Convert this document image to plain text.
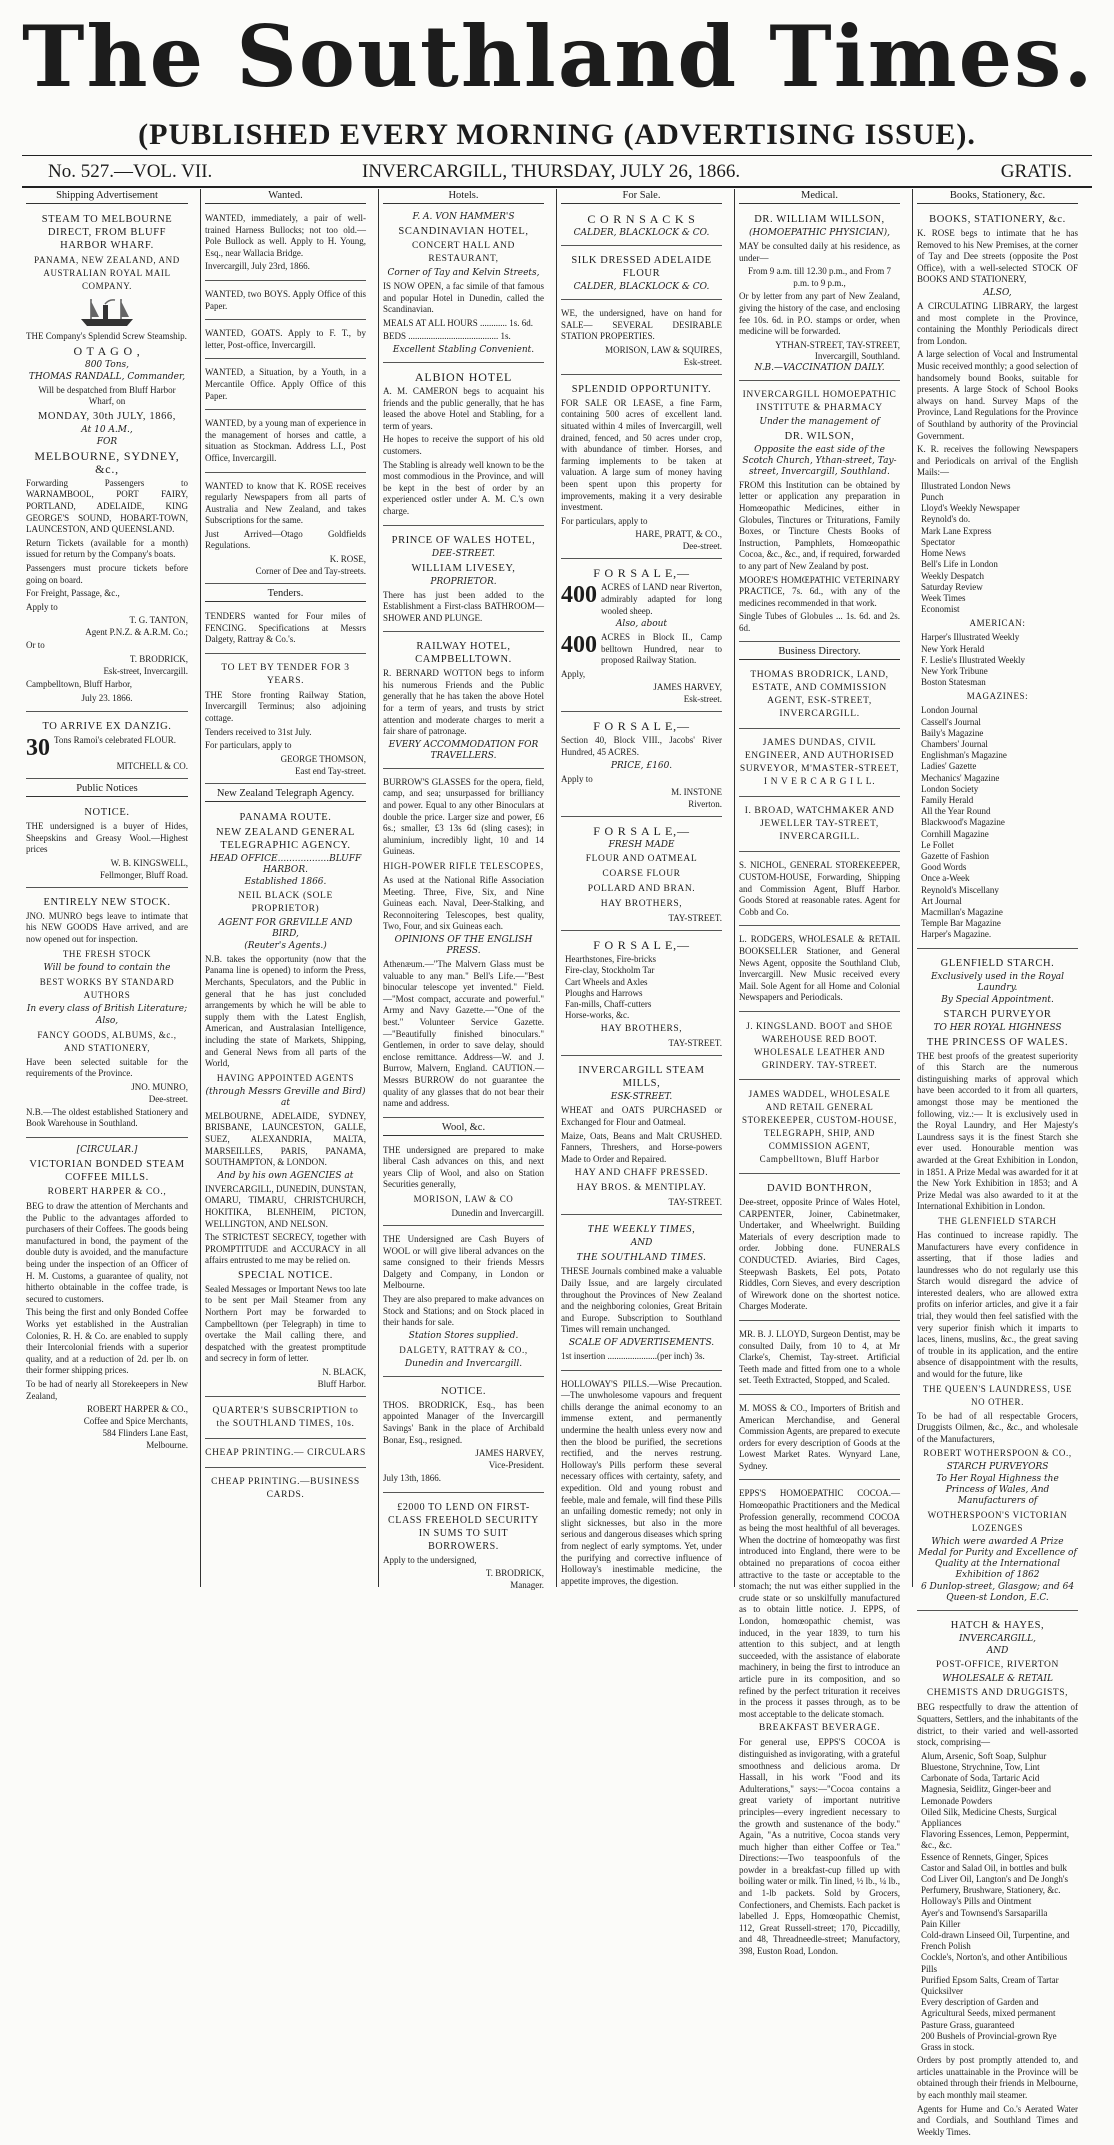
The Southland Times.
(PUBLISHED EVERY MORNING (ADVERTISING ISSUE).
No. 527.—VOL. VII.	INVERCARGILL, THURSDAY, JULY 26, 1866.	GRATIS.
Shipping Advertisement
STEAM TO MELBOURNE DIRECT, FROM BLUFF HARBOR WHARF.
PANAMA, NEW ZEALAND, AND AUSTRALIAN ROYAL MAIL COMPANY.
THE Company's Splendid Screw Steamship.
O T A G O ,
800 Tons,
THOMAS RANDALL, Commander,
Will be despatched from Bluff Harbor Wharf, on
MONDAY, 30th JULY, 1866,
At 10 A.M.,
FOR
MELBOURNE, SYDNEY, &c.,
Forwarding Passengers to WARNAMBOOL, PORT FAIRY, PORTLAND, ADELAIDE, KING GEORGE'S SOUND, HOBART-TOWN, LAUNCESTON, AND QUEENSLAND.
Return Tickets (available for a month) issued for return by the Company's boats.
Passengers must procure tickets before going on board.
For Freight, Passage, &c.,
Apply to
T. G. TANTON,
Agent P.N.Z. & A.R.M. Co.;
Or to
T. BRODRICK,
Esk-street, Invercargill.
Campbelltown, Bluff Harbor,
July 23. 1866.
TO ARRIVE EX DANZIG.
30 Tons Ramoi's celebrated FLOUR.
MITCHELL & CO.
Public Notices
NOTICE.
THE undersigned is a buyer of Hides, Sheepskins and Greasy Wool.—Highest prices
W. B. KINGSWELL,
Fellmonger, Bluff Road.
ENTIRELY NEW STOCK.
JNO. MUNRO begs leave to intimate that his NEW GOODS Have arrived, and are now opened out for inspection.
THE FRESH STOCK
Will be found to contain the
BEST WORKS BY STANDARD AUTHORS
In every class of British Literature;
Also,
FANCY GOODS, ALBUMS, &c., AND STATIONERY,
Have been selected suitable for the requirements of the Province.
JNO. MUNRO,
Dee-street.
N.B.—The oldest established Stationery and Book Warehouse in Southland.
[CIRCULAR.]
VICTORIAN BONDED STEAM COFFEE MILLS.
ROBERT HARPER & CO.,
BEG to draw the attention of Merchants and the Public to the advantages afforded to purchasers of their Coffees. The goods being manufactured in bond, the payment of the double duty is avoided, and the manufacture being under the inspection of an Officer of H. M. Customs, a guarantee of quality, not hitherto obtainable in the coffee trade, is secured to customers.
This being the first and only Bonded Coffee Works yet established in the Australian Colonies, R. H. & Co. are enabled to supply their Intercolonial friends with a superior quality, and at a reduction of 2d. per lb. on their former shipping prices.
To be had of nearly all Storekeepers in New Zealand,
ROBERT HARPER & CO.,
Coffee and Spice Merchants,
584 Flinders Lane East,
Melbourne.
Wanted.
WANTED, immediately, a pair of well-trained Harness Bullocks; not too old.—Pole Bullock as well. Apply to H. Young, Esq., near Wallacia Bridge.
Invercargill, July 23rd, 1866.
WANTED, two BOYS. Apply Office of this Paper.
WANTED, GOATS. Apply to F. T., by letter, Post-office, Invercargill.
WANTED, a Situation, by a Youth, in a Mercantile Office. Apply Office of this Paper.
WANTED, by a young man of experience in the management of horses and cattle, a situation as Stockman. Address L.I., Post Office, Invercargill.
WANTED to know that K. ROSE receives regularly Newspapers from all parts of Australia and New Zealand, and takes Subscriptions for the same.
Just Arrived—Otago Goldfields Regulations.
K. ROSE,
Corner of Dee and Tay-streets.
Tenders.
TENDERS wanted for Four miles of FENCING. Specifications at Messrs Dalgety, Rattray & Co.'s.
TO LET BY TENDER FOR 3 YEARS.
THE Store fronting Railway Station, Invercargill Terminus; also adjoining cottage.
Tenders received to 31st July.
For particulars, apply to
GEORGE THOMSON,
East end Tay-street.
New Zealand Telegraph Agency.
PANAMA ROUTE.
NEW ZEALAND GENERAL TELEGRAPHIC AGENCY.
HEAD OFFICE..................BLUFF HARBOR.
Established 1866.
NEIL BLACK (SOLE PROPRIETOR)
AGENT FOR GREVILLE AND BIRD,
(Reuter's Agents.)
N.B. takes the opportunity (now that the Panama line is opened) to inform the Press, Merchants, Speculators, and the Public in general that he has just concluded arrangements by which he will be able to supply them with the Latest English, American, and Australasian Intelligence, including the state of Markets, Shipping, and General News from all parts of the World,
HAVING APPOINTED AGENTS
(through Messrs Greville and Bird) at
MELBOURNE, ADELAIDE, SYDNEY, BRISBANE, LAUNCESTON, GALLE, SUEZ, ALEXANDRIA, MALTA, MARSEILLES, PARIS, PANAMA, SOUTHAMPTON, & LONDON.
And by his own AGENCIES at
INVERCARGILL, DUNEDIN, DUNSTAN, OMARU, TIMARU, CHRISTCHURCH, HOKITIKA, BLENHEIM, PICTON, WELLINGTON, AND NELSON.
The STRICTEST SECRECY, together with PROMPTITUDE and ACCURACY in all affairs entrusted to me may be relied on.
SPECIAL NOTICE.
Sealed Messages or Important News too late to be sent per Mail Steamer from any Northern Port may be forwarded to Campbelltown (per Telegraph) in time to overtake the Mail calling there, and despatched with the greatest promptitude and secrecy in form of letter.
N. BLACK,
Bluff Harbor.
QUARTER'S SUBSCRIPTION to the SOUTHLAND TIMES, 10s.
CHEAP PRINTING.— CIRCULARS
CHEAP PRINTING.—BUSINESS CARDS.
Hotels.
F. A. VON HAMMER'S
SCANDINAVIAN HOTEL,
CONCERT HALL AND RESTAURANT,
Corner of Tay and Kelvin Streets,
IS NOW OPEN, a fac simile of that famous and popular Hotel in Dunedin, called the Scandinavian.
MEALS AT ALL HOURS ............ 1s. 6d.
BEDS ........................................ 1s.
Excellent Stabling Convenient.
ALBION HOTEL
A. M. CAMERON begs to acquaint his friends and the public generally, that he has leased the above Hotel and Stabling, for a term of years.
He hopes to receive the support of his old customers.
The Stabling is already well known to be the most commodious in the Province, and will be kept in the best of order by an experienced ostler under A. M. C.'s own charge.
PRINCE OF WALES HOTEL,
DEE-STREET.
WILLIAM LIVESEY,
PROPRIETOR.
There has just been added to the Establishment a First-class BATHROOM—SHOWER AND PLUNGE.
RAILWAY HOTEL, CAMPBELLTOWN.
R. BERNARD WOTTON begs to inform his numerous Friends and the Public generally that he has taken the above Hotel for a term of years, and trusts by strict attention and moderate charges to merit a fair share of patronage.
EVERY ACCOMMODATION FOR TRAVELLERS.
BURROW'S GLASSES for the opera, field, camp, and sea; unsurpassed for brilliancy and power. Equal to any other Binoculars at double the price. Larger size and power, £6 6s.; smaller, £3 13s 6d (sling cases); in aluminium, incredibly light, 10 and 14 Guineas.
HIGH-POWER RIFLE TELESCOPES,
As used at the National Rifle Association Meeting. Three, Five, Six, and Nine Guineas each. Naval, Deer-Stalking, and Reconnoitering Telescopes, best quality, Two, Four, and six Guineas each.
OPINIONS OF THE ENGLISH PRESS.
Athenæum.—"The Malvern Glass must be valuable to any man." Bell's Life.—"Best binocular telescope yet invented." Field.—"Most compact, accurate and powerful." Army and Navy Gazette.—"One of the best." Volunteer Service Gazette.—"Beautifully finished binoculars." Gentlemen, in order to save delay, should enclose remittance. Address—W. and J. Burrow, Malvern, England. CAUTION.—Messrs BURROW do not guarantee the quality of any glasses that do not bear their name and address.
Wool, &c.
THE undersigned are prepared to make liberal Cash advances on this, and next years Clip of Wool, and also on Station Securities generally,
MORISON, LAW & CO
Dunedin and Invercargill.
THE Undersigned are Cash Buyers of WOOL or will give liberal advances on the same consigned to their friends Messrs Dalgety and Company, in London or Melbourne.
They are also prepared to make advances on Stock and Stations; and on Stock placed in their hands for sale.
Station Stores supplied.
DALGETY, RATTRAY & CO.,
Dunedin and Invercargill.
NOTICE.
THOS. BRODRICK, Esq., has been appointed Manager of the Invercargill Savings' Bank in the place of Archibald Bonar, Esq., resigned.
JAMES HARVEY,
Vice-President.
July 13th, 1866.
£2000 TO LEND ON FIRST-CLASS FREEHOLD SECURITY IN SUMS TO SUIT BORROWERS.
Apply to the undersigned,
T. BRODRICK,
Manager.
For Sale.
C O R N S A C K S
CALDER, BLACKLOCK & CO.
SILK DRESSED ADELAIDE FLOUR
CALDER, BLACKLOCK & CO.
WE, the undersigned, have on hand for SALE— SEVERAL DESIRABLE STATION PROPERTIES.
MORISON, LAW & SQUIRES,
Esk-street.
SPLENDID OPPORTUNITY.
FOR SALE OR LEASE, a fine Farm, containing 500 acres of excellent land. situated within 4 miles of Invercargill, well drained, fenced, and 50 acres under crop, with abundance of timber. Horses, and farming implements to be taken at valuation. A large sum of money having been spent upon this property for improvements, making it a very desirable investment.
For particulars, apply to
HARE, PRATT, & CO.,
Dee-street.
F O R S A L E,—
400 ACRES of LAND near Riverton, admirably adapted for long wooled sheep.
Also, about
400 ACRES in Block II., Camp belltown Hundred, near to proposed Railway Station.
Apply,
JAMES HARVEY,
Esk-street.
F O R S A L E,—
Section 40, Block VIII., Jacobs' River Hundred, 45 ACRES.
PRICE, £160.
Apply to
M. INSTONE
Riverton.
F O R S A L E,—
FRESH MADE
FLOUR AND OATMEAL
COARSE FLOUR
POLLARD AND BRAN.
HAY BROTHERS,
TAY-STREET.
F O R S A L E,—
Hearthstones, Fire-bricks
Fire-clay, Stockholm Tar
Cart Wheels and Axles
Ploughs and Harrows
Fan-mills, Chaff-cutters
Horse-works, &c.
HAY BROTHERS,
TAY-STREET.
INVERCARGILL STEAM MILLS,
ESK-STREET.
WHEAT and OATS PURCHASED or Exchanged for Flour and Oatmeal.
Maize, Oats, Beans and Malt CRUSHED. Fanners, Threshers, and Horse-powers Made to Order and Repaired.
HAY AND CHAFF PRESSED.
HAY BROS. & MENTIPLAY.
TAY-STREET.
THE WEEKLY TIMES,
AND
THE SOUTHLAND TIMES.
THESE Journals combined make a valuable Daily Issue, and are largely circulated throughout the Provinces of New Zealand and the neighboring colonies, Great Britain and Europe. Subscription to Southland Times will remain unchanged.
SCALE OF ADVERTISEMENTS.
1st insertion ......................(per inch) 3s.
HOLLOWAY'S PILLS.—Wise Precaution.—The unwholesome vapours and frequent chills derange the animal economy to an immense extent, and permanently undermine the health unless every now and then the blood be purified, the secretions rectified, and the nerves restrung. Holloway's Pills perform these several necessary offices with certainty, safety, and expedition. Old and young robust and feeble, male and female, will find these Pills an unfailing domestic remedy; not only in slight sicknesses, but also in the more serious and dangerous diseases which spring from neglect of early symptoms. Yet, under the purifying and corrective influence of Holloway's inestimable medicine, the appetite improves, the digestion.
Medical.
DR. WILLIAM WILLSON,
(HOMOEPATHIC PHYSICIAN),
MAY be consulted daily at his residence, as under—
From 9 a.m. till 12.30 p.m., and From 7 p.m. to 9 p.m.,
Or by letter from any part of New Zealand, giving the history of the case, and enclosing fee 10s. 6d. in P.O. stamps or order, when medicine will be forwarded.
YTHAN-STREET, TAY-STREET, Invercargill, Southland.
N.B.—VACCINATION DAILY.
INVERCARGILL HOMOEPATHIC INSTITUTE & PHARMACY
Under the management of
DR. WILSON,
Opposite the east side of the Scotch Church, Ythan-street, Tay-street, Invercargill, Southland.
FROM this Institution can be obtained by letter or application any preparation in Homœopathic Medicines, either in Globules, Tinctures or Triturations, Family Boxes, or Tincture Chests Books of Instruction, Pamphlets, Homœopathic Cocoa, &c., &c., and, if required, forwarded to any part of New Zealand by post.
MOORE'S HOMŒPATHIC VETERINARY PRACTICE, 7s. 6d., with any of the medicines recommended in that work.
Single Tubes of Globules ... 1s. 6d. and 2s. 6d.
Business Directory.
THOMAS BRODRICK, LAND, ESTATE, AND COMMISSION AGENT, ESK-STREET, INVERCARGILL.
JAMES DUNDAS, CIVIL ENGINEER, AND AUTHORISED SURVEYOR, M'MASTER-STREET, I N V E R C A R G I L L.
I. BROAD, WATCHMAKER AND JEWELLER TAY-STREET, INVERCARGILL.
S. NICHOL, GENERAL STOREKEEPER, CUSTOM-HOUSE, Forwarding, Shipping and Commission Agent, Bluff Harbor. Goods Stored at reasonable rates. Agent for Cobb and Co.
L. RODGERS, WHOLESALE & RETAIL BOOKSELLER Stationer, and General News Agent, opposite the Southland Club, Invercargill. New Music received every Mail. Sole Agent for all Home and Colonial Newspapers and Periodicals.
J. KINGSLAND. BOOT and SHOE WAREHOUSE RED BOOT. WHOLESALE LEATHER AND GRINDERY. TAY-STREET.
JAMES WADDEL, WHOLESALE AND RETAIL GENERAL STOREKEEPER, CUSTOM-HOUSE, TELEGRAPH, SHIP, AND COMMISSION AGENT, Campbelltown, Bluff Harbor
DAVID BONTHRON,
Dee-street, opposite Prince of Wales Hotel, CARPENTER, Joiner, Cabinetmaker, Undertaker, and Wheelwright. Building Materials of every description made to order. Jobbing done. FUNERALS CONDUCTED. Aviaries, Bird Cages, Steepwash Baskets, Eel pots, Potato Riddles, Corn Sieves, and every description of Wirework done on the shortest notice. Charges Moderate.
MR. B. J. LLOYD, Surgeon Dentist, may be consulted Daily, from 10 to 4, at Mr Clarke's, Chemist, Tay-street. Artificial Teeth made and fitted from one to a whole set. Teeth Extracted, Stopped, and Scaled.
M. MOSS & CO., Importers of British and American Merchandise, and General Commission Agents, are prepared to execute orders for every description of Goods at the Lowest Market Rates. Wynyard Lane, Sydney.
EPPS'S HOMOEPATHIC COCOA.— Homœopathic Practitioners and the Medical Profession generally, recommend COCOA as being the most healthful of all beverages. When the doctrine of homœopathy was first introduced into England, there were to be obtained no preparations of cocoa either attractive to the taste or acceptable to the stomach; the nut was either supplied in the crude state or so unskilfully manufactured as to obtain little notice. J. EPPS, of London, homœopathic chemist, was induced, in the year 1839, to turn his attention to this subject, and at length succeeded, with the assistance of elaborate machinery, in being the first to introduce an article pure in its composition, and so refined by the perfect trituration it receives in the process it passes through, as to be most acceptable to the delicate stomach.
BREAKFAST BEVERAGE.
For general use, EPPS'S COCOA is distinguished as invigorating, with a grateful smoothness and delicious aroma. Dr Hassall, in his work "Food and its Adulterations," says:—"Cocoa contains a great variety of important nutritive principles—every ingredient necessary to the growth and sustenance of the body." Again, "As a nutritive, Cocoa stands very much higher than either Coffee or Tea." Directions:—Two teaspoonfuls of the powder in a breakfast-cup filled up with boiling water or milk. Tin lined, ½ lb., ¼ lb., and 1-lb packets. Sold by Grocers, Confectioners, and Chemists. Each packet is labelled J. Epps, Homœopathic Chemist, 112, Great Russell-street; 170, Piccadilly, and 48, Threadneedle-street; Manufactory, 398, Euston Road, London.
Books, Stationery, &c.
BOOKS, STATIONERY, &c.
K. ROSE begs to intimate that he has Removed to his New Premises, at the corner of Tay and Dee streets (opposite the Post Office), with a well-selected STOCK OF BOOKS AND STATIONERY,
ALSO,
A CIRCULATING LIBRARY, the largest and most complete in the Province, containing the Monthly Periodicals direct from London.
A large selection of Vocal and Instrumental Music received monthly; a good selection of handsomely bound Books, suitable for presents. A large Stock of School Books always on hand. Survey Maps of the Province, Land Regulations for the Province of Southland by authority of the Provincial Government.
K. R. receives the following Newspapers and Periodicals on arrival of the English Mails:—
Illustrated London News
Punch
Lloyd's Weekly Newspaper
Reynold's do.
Mark Lane Express
Spectator
Home News
Bell's Life in London
Weekly Despatch
Saturday Review
Week Times
Economist
AMERICAN:
Harper's Illustrated Weekly
New York Herald
F. Leslie's Illustrated Weekly
New York Tribune
Boston Statesman
MAGAZINES:
London Journal
Cassell's Journal
Baily's Magazine
Chambers' Journal
Englishman's Magazine
Ladies' Gazette
Mechanics' Magazine
London Society
Family Herald
All the Year Round
Blackwood's Magazine
Cornhill Magazine
Le Follet
Gazette of Fashion
Good Words
Once a-Week
Reynold's Miscellany
Art Journal
Macmillan's Magazine
Temple Bar Magazine
Harper's Magazine.
GLENFIELD STARCH.
Exclusively used in the Royal Laundry.
By Special Appointment.
STARCH PURVEYOR
TO HER ROYAL HIGHNESS
THE PRINCESS OF WALES.
THE best proofs of the greatest superiority of this Starch are the numerous distinguishing marks of approval which have been accorded to it from all quarters, amongst those may be mentioned the following, viz.:— It is exclusively used in the Royal Laundry, and Her Majesty's Laundress says it is the finest Starch she ever used. Honourable mention was awarded at the Great Exhibition in London, in 1851. A Prize Medal was awarded for it at the New York Exhibition in 1853; and A Prize Medal was also awarded to it at the International Exhibition in London.
THE GLENFIELD STARCH
Has continued to increase rapidly. The Manufacturers have every confidence in asserting, that if those ladies and laundresses who do not regularly use this Starch would disregard the advice of interested dealers, who are allowed extra profits on inferior articles, and give it a fair trial, they would then feel satisfied with the very superior finish which it imparts to laces, linens, muslins, &c., the great saving of trouble in its application, and the entire absence of disappointment with the results, and would for the future, like
THE QUEEN'S LAUNDRESS, USE NO OTHER.
To be had of all respectable Grocers, Druggists Oilmen, &c., &c., and wholesale of the Manufacturers,
ROBERT WOTHERSPOON & CO.,
STARCH PURVEYORS
To Her Royal Highness the Princess of Wales, And Manufacturers of
WOTHERSPOON'S VICTORIAN LOZENGES
Which were awarded A Prize Medal for Purity and Excellence of Quality at the International Exhibition of 1862
6 Dunlop-street, Glasgow; and 64 Queen-st London, E.C.
HATCH & HAYES,
INVERCARGILL,
AND
POST-OFFICE, RIVERTON
WHOLESALE & RETAIL
CHEMISTS AND DRUGGISTS,
BEG respectfully to draw the attention of Squatters, Settlers, and the inhabitants of the district, to their varied and well-assorted stock, comprising—
Alum, Arsenic, Soft Soap, Sulphur
Bluestone, Strychnine, Tow, Lint
Carbonate of Soda, Tartaric Acid
Magnesia, Seidlitz, Ginger-beer and Lemonade Powders
Oiled Silk, Medicine Chests, Surgical Appliances
Flavoring Essences, Lemon, Peppermint, &c., &c.
Essence of Rennets, Ginger, Spices
Castor and Salad Oil, in bottles and bulk
Cod Liver Oil, Langton's and De Jongh's
Perfumery, Brushware, Stationery, &c.
Holloway's Pills and Ointment
Ayer's and Townsend's Sarsaparilla
Pain Killer
Cold-drawn Linseed Oil, Turpentine, and French Polish
Cockle's, Norton's, and other Antibilious Pills
Purified Epsom Salts, Cream of Tartar
Quicksilver
Every description of Garden and Agricultural Seeds, mixed permanent Pasture Grass, guaranteed
200 Bushels of Provincial-grown Rye Grass in stock.
Orders by post promptly attended to, and articles unattainable in the Province will be obtained through their friends in Melbourne, by each monthly mail steamer.
Agents for Hume and Co.'s Aerated Water and Cordials, and Southland Times and Weekly Times.
